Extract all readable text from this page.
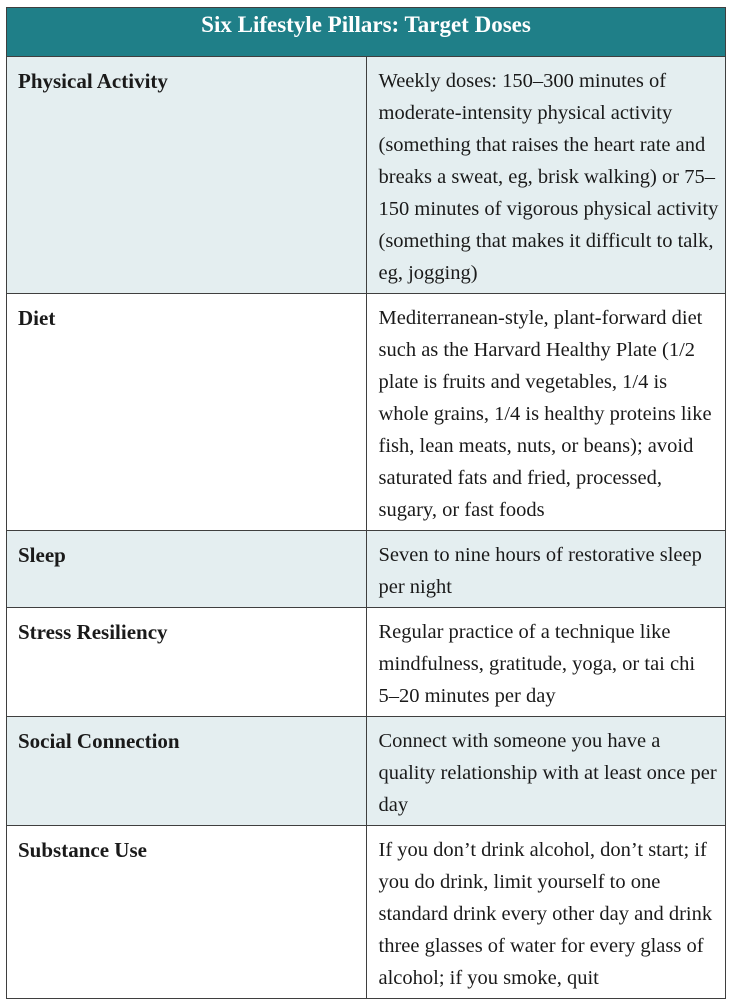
Six Lifestyle Pillars: Target Doses	
Physical Activity	Weekly doses: 150–300 minutes of moderate-intensity physical activity (something that raises the heart rate and breaks a sweat, eg, brisk walking) or 75–150 minutes of vigorous physical activity (something that makes it difficult to talk, eg, jogging)
Diet	Mediterranean-style, plant-forward diet such as the Harvard Healthy Plate (1/2 plate is fruits and vegetables, 1/4 is whole grains, 1/4 is healthy proteins like fish, lean meats, nuts, or beans); avoid saturated fats and fried, processed, sugary, or fast foods
Sleep	Seven to nine hours of restorative sleep per night
Stress Resiliency	Regular practice of a technique like mindfulness, gratitude, yoga, or tai chi 5–20 minutes per day
Social Connection	Connect with someone you have a quality relationship with at least once per day
Substance Use	If you don’t drink alcohol, don’t start; if you do drink, limit yourself to one standard drink every other day and drink three glasses of water for every glass of alcohol; if you smoke, quit
